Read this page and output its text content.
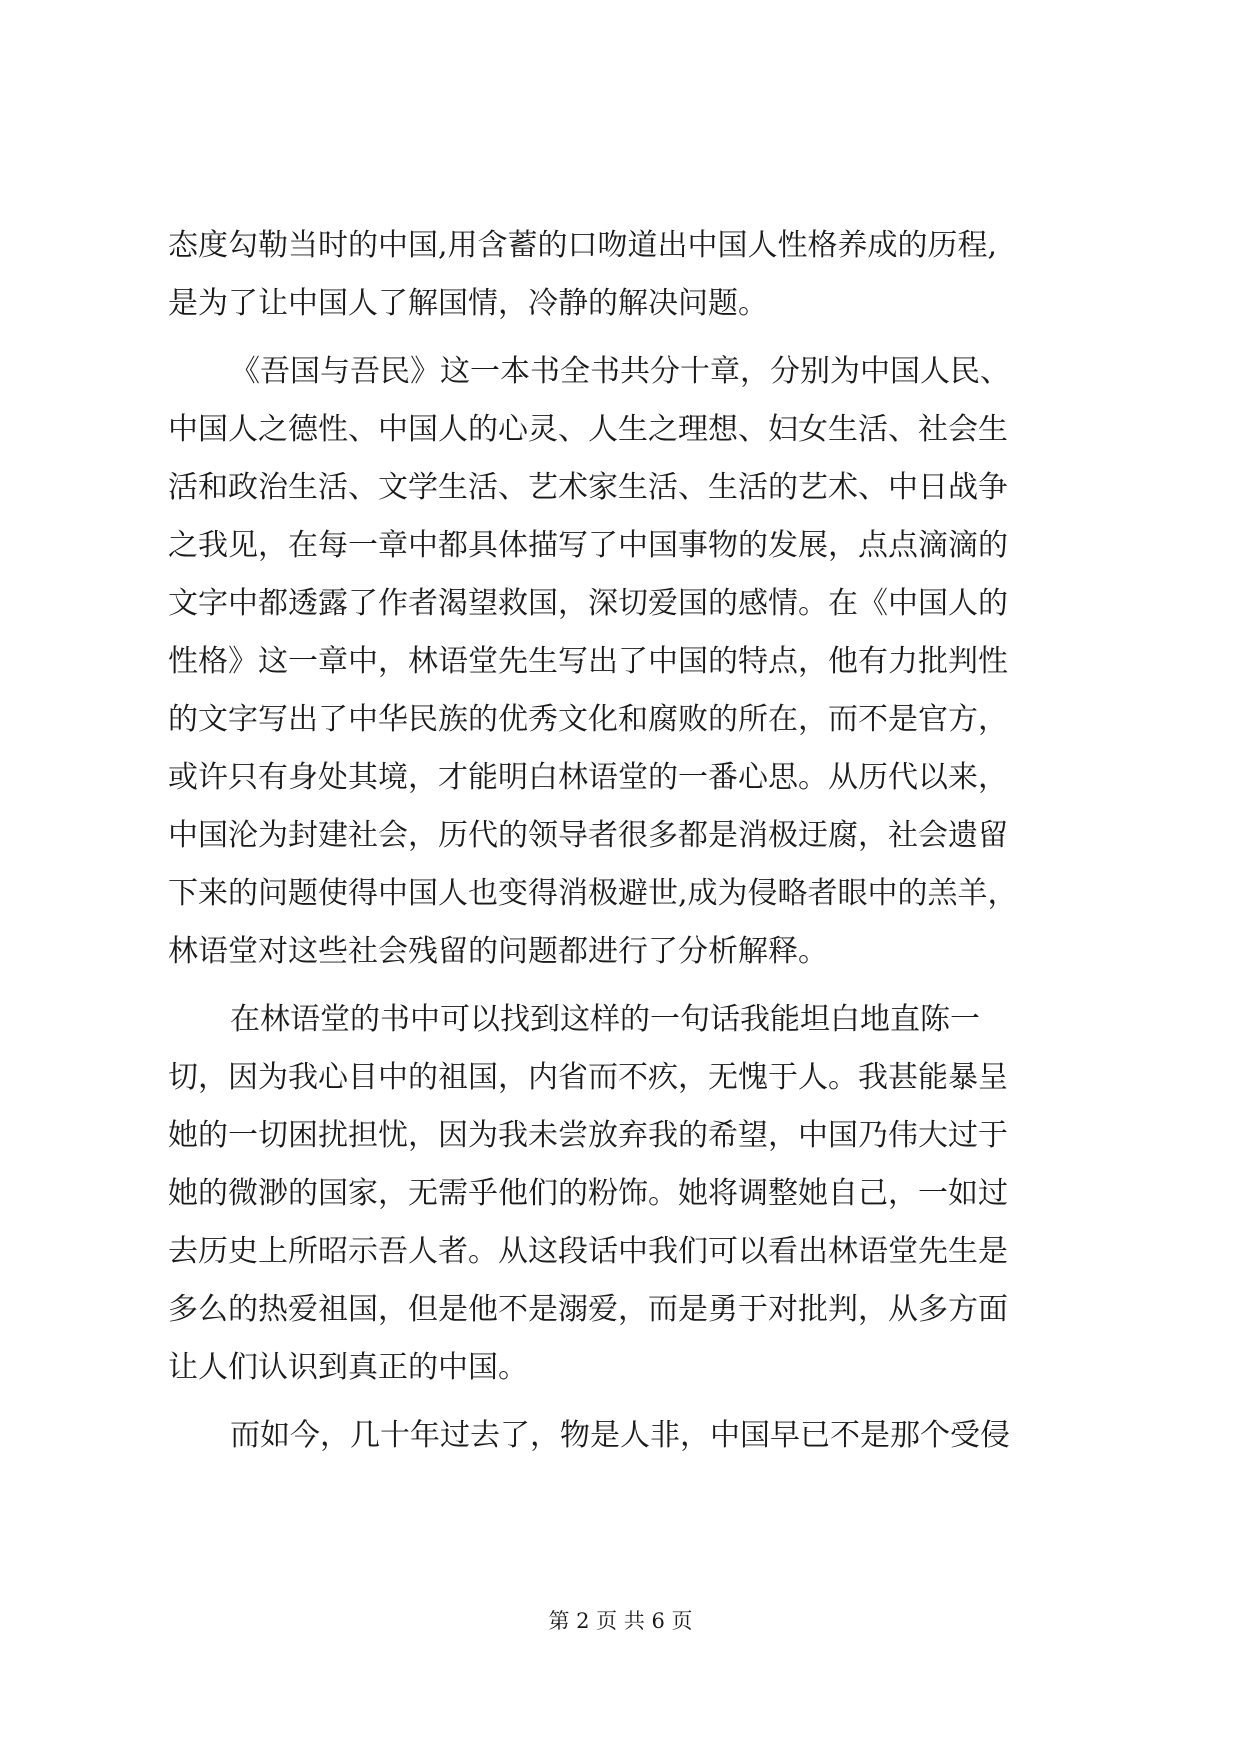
态度勾勒当时的中国,用含蓄的口吻道出中国人性格养成的历程,
是为了让中国人了解国情，冷静的解决问题。
《吾国与吾民》这一本书全书共分十章，分别为中国人民、
中国人之德性、中国人的心灵、人生之理想、妇女生活、社会生
活和政治生活、文学生活、艺术家生活、生活的艺术、中日战争
之我见，在每一章中都具体描写了中国事物的发展，点点滴滴的
文字中都透露了作者渴望救国，深切爱国的感情。在《中国人的
性格》这一章中，林语堂先生写出了中国的特点，他有力批判性
的文字写出了中华民族的优秀文化和腐败的所在，而不是官方，
或许只有身处其境，才能明白林语堂的一番心思。从历代以来，
中国沦为封建社会，历代的领导者很多都是消极迂腐，社会遗留
下来的问题使得中国人也变得消极避世,成为侵略者眼中的羔羊，
林语堂对这些社会残留的问题都进行了分析解释。
在林语堂的书中可以找到这样的一句话我能坦白地直陈一
切，因为我心目中的祖国，内省而不疚，无愧于人。我甚能暴呈
她的一切困扰担忧，因为我未尝放弃我的希望，中国乃伟大过于
她的微渺的国家，无需乎他们的粉饰。她将调整她自己，一如过
去历史上所昭示吾人者。从这段话中我们可以看出林语堂先生是
多么的热爱祖国，但是他不是溺爱，而是勇于对批判，从多方面
让人们认识到真正的中国。
而如今，几十年过去了，物是人非，中国早已不是那个受侵
第 2 页 共 6 页
